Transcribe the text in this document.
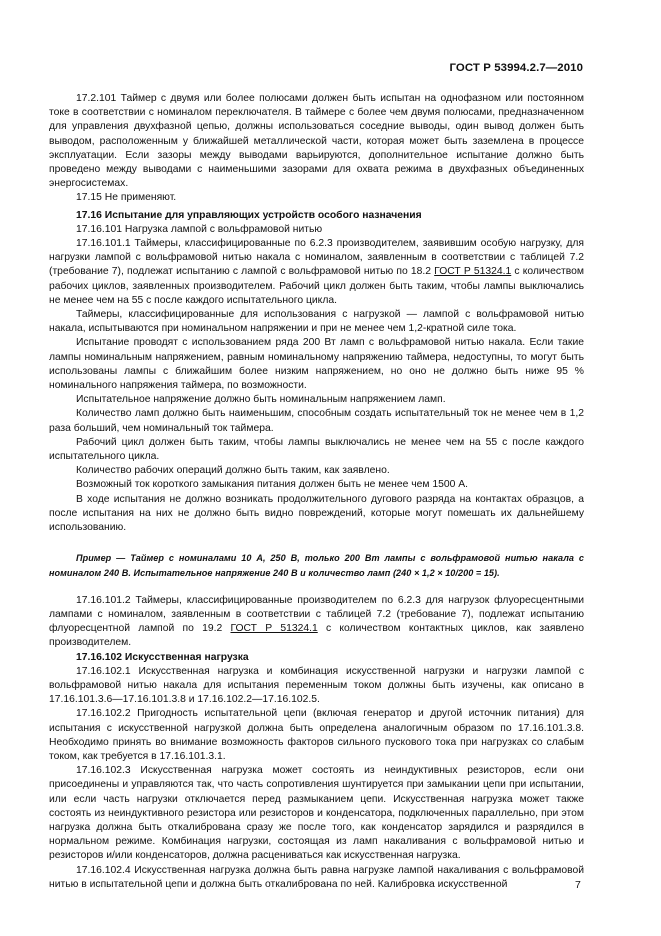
ГОСТ Р 53994.2.7—2010

17.2.101 Таймер с двумя или более полюсами должен быть испытан на однофазном или постоянном токе в соответствии с номиналом переключателя. В таймере с более чем двумя полюсами, предназначенном для управления двухфазной цепью, должны использоваться соседние выводы, один вывод должен быть выводом, расположенным у ближайшей металлической части, которая может быть заземлена в процессе эксплуатации. Если зазоры между выводами варьируются, дополнительное испытание должно быть проведено между выводами с наименьшими зазорами для охвата режима в двухфазных объединенных энергосистемах.

17.15 Не применяют.

17.16 Испытание для управляющих устройств особого назначения

17.16.101 Нагрузка лампой с вольфрамовой нитью

17.16.101.1 Таймеры, классифицированные по 6.2.3 производителем, заявившим особую нагрузку, для нагрузки лампой с вольфрамовой нитью накала с номиналом, заявленным в соответствии с таблицей 7.2 (требование 7), подлежат испытанию с лампой с вольфрамовой нитью по 18.2 ГОСТ Р 51324.1 с количеством рабочих циклов, заявленных производителем. Рабочий цикл должен быть таким, чтобы лампы выключались не менее чем на 55 с после каждого испытательного цикла.

Таймеры, классифицированные для использования с нагрузкой — лампой с вольфрамовой нитью накала, испытываются при номинальном напряжении и при не менее чем 1,2-кратной силе тока.

Испытание проводят с использованием ряда 200 Вт ламп с вольфрамовой нитью накала. Если такие лампы номинальным напряжением, равным номинальному напряжению таймера, недоступны, то могут быть использованы лампы с ближайшим более низким напряжением, но оно не должно быть ниже 95 % номинального напряжения таймера, по возможности.

Испытательное напряжение должно быть номинальным напряжением ламп.

Количество ламп должно быть наименьшим, способным создать испытательный ток не менее чем в 1,2 раза больший, чем номинальный ток таймера.

Рабочий цикл должен быть таким, чтобы лампы выключались не менее чем на 55 с после каждого испытательного цикла.

Количество рабочих операций должно быть таким, как заявлено.

Возможный ток короткого замыкания питания должен быть не менее чем 1500 А.

В ходе испытания не должно возникать продолжительного дугового разряда на контактах образцов, а после испытания на них не должно быть видно повреждений, которые могут помешать их дальнейшему использованию.

Пример — Таймер с номиналами 10 А, 250 В, только 200 Вт лампы с вольфрамовой нитью накала с номиналом 240 В. Испытательное напряжение 240 В и количество ламп (240 × 1,2 × 10/200 = 15).

17.16.101.2 Таймеры, классифицированные производителем по 6.2.3 для нагрузок флуоресцентными лампами с номиналом, заявленным в соответствии с таблицей 7.2 (требование 7), подлежат испытанию флуоресцентной лампой по 19.2 ГОСТ Р 51324.1 с количеством контактных циклов, как заявлено производителем.

17.16.102 Искусственная нагрузка

17.16.102.1 Искусственная нагрузка и комбинация искусственной нагрузки и нагрузки лампой с вольфрамовой нитью накала для испытания переменным током должны быть изучены, как описано в 17.16.101.3.6—17.16.101.3.8 и 17.16.102.2—17.16.102.5.

17.16.102.2 Пригодность испытательной цепи (включая генератор и другой источник питания) для испытания с искусственной нагрузкой должна быть определена аналогичным образом по 17.16.101.3.8. Необходимо принять во внимание возможность факторов сильного пускового тока при нагрузках со слабым током, как требуется в 17.16.101.3.1.

17.16.102.3 Искусственная нагрузка может состоять из неиндуктивных резисторов, если они присоединены и управляются так, что часть сопротивления шунтируется при замыкании цепи при испытании, или если часть нагрузки отключается перед размыканием цепи. Искусственная нагрузка может также состоять из неиндуктивного резистора или резисторов и конденсатора, подключенных параллельно, при этом нагрузка должна быть откалибрована сразу же после того, как конденсатор зарядился и разрядился в нормальном режиме. Комбинация нагрузки, состоящая из ламп накаливания с вольфрамовой нитью и резисторов и/или конденсаторов, должна расцениваться как искусственная нагрузка.

17.16.102.4 Искусственная нагрузка должна быть равна нагрузке лампой накаливания с вольфрамовой нитью в испытательной цепи и должна быть откалиброванa по ней. Калибровка искусственной	7
